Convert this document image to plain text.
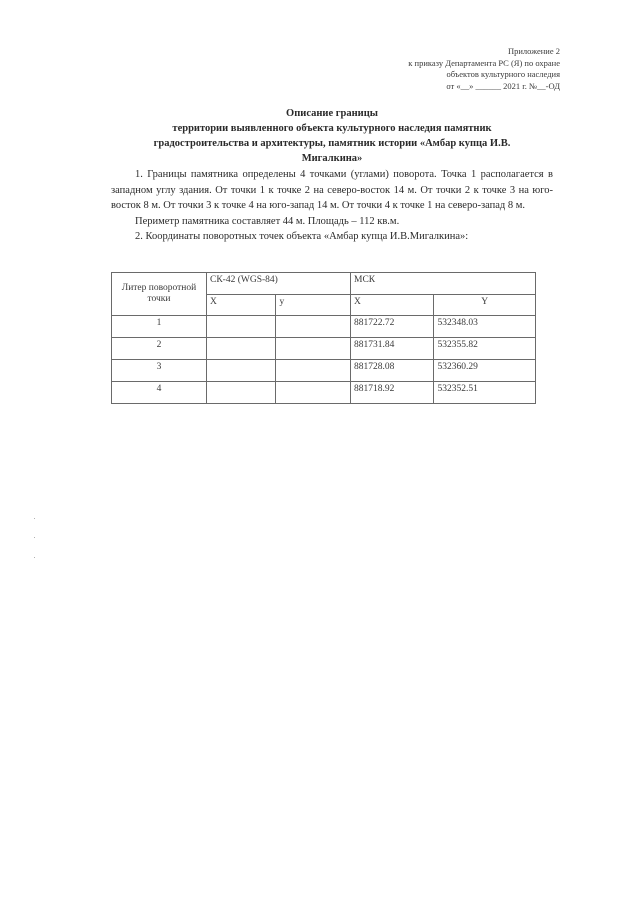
Приложение 2
к приказу Департамента РС (Я) по охране
объектов культурного наследия
от «__» ______ 2021 г. №__-ОД
Описание границы
территории выявленного объекта культурного наследия памятник
градостроительства и архитектуры, памятник истории «Амбар купца И.В.
Мигалкина»

1. Границы памятника определены 4 точками (углами) поворота. Точка 1 располагается в западном углу здания. От точки 1 к точке 2 на северо-восток 14 м. От точки 2 к точке 3 на юго-восток 8 м. От точки 3 к точке 4 на юго-запад 14 м. От точки 4 к точке 1 на северо-запад 8 м.

Периметр памятника составляет 44 м. Площадь – 112 кв.м.

2. Координаты поворотных точек объекта «Амбар купца И.В.Мигалкина»:

Литер поворотной точки	СК-42 (WGS-84)		МСК	
	X	у	X	Y
1			881722.72	532348.03
2			881731.84	532355.82
3			881728.08	532360.29
4			881718.92	532352.51
